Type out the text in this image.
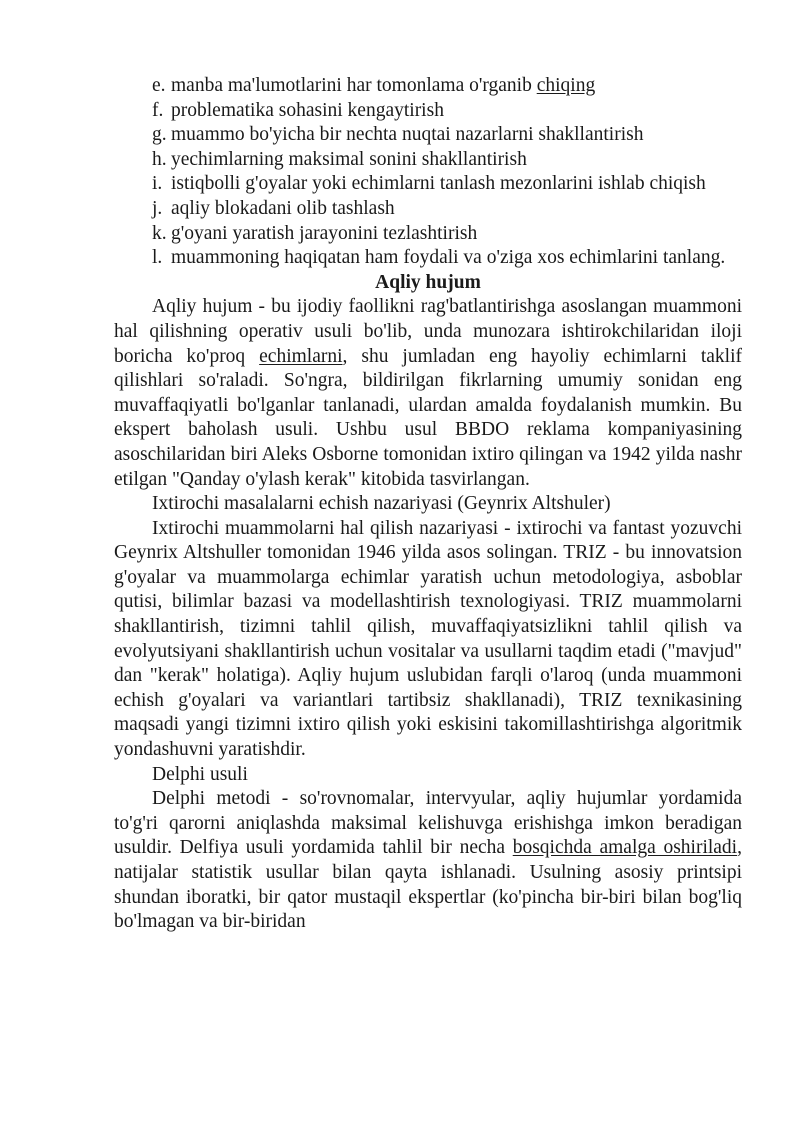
e. manba ma'lumotlarini har tomonlama o'rganib chiqing

f. problematika sohasini kengaytirish

g. muammo bo'yicha bir nechta nuqtai nazarlarni shakllantirish

h. yechimlarning maksimal sonini shakllantirish

i. istiqbolli g'oyalar yoki echimlarni tanlash mezonlarini ishlab chiqish

j. aqliy blokadani olib tashlash

k. g'oyani yaratish jarayonini tezlashtirish

l. muammoning haqiqatan ham foydali va o'ziga xos echimlarini tanlang.

Aqliy hujum

Aqliy hujum - bu ijodiy faollikni rag'batlantirishga asoslangan muammoni hal qilishning operativ usuli bo'lib, unda munozara ishtirokchilaridan iloji boricha ko'proq echimlarni, shu jumladan eng hayoliy echimlarni taklif qilishlari so'raladi. So'ngra, bildirilgan fikrlarning umumiy sonidan eng muvaffaqiyatli bo'lganlar tanlanadi, ulardan amalda foydalanish mumkin. Bu ekspert baholash usuli. Ushbu usul BBDO reklama kompaniyasining asoschilaridan biri Aleks Osborne tomonidan ixtiro qilingan va 1942 yilda nashr etilgan "Qanday o'ylash kerak" kitobida tasvirlangan.

Ixtirochi masalalarni echish nazariyasi (Geynrix Altshuler)

Ixtirochi muammolarni hal qilish nazariyasi - ixtirochi va fantast yozuvchi Geynrix Altshuller tomonidan 1946 yilda asos solingan. TRIZ - bu innovatsion g'oyalar va muammolarga echimlar yaratish uchun metodologiya, asboblar qutisi, bilimlar bazasi va modellashtirish texnologiyasi. TRIZ muammolarni shakllantirish, tizimni tahlil qilish, muvaffaqiyatsizlikni tahlil qilish va evolyutsiyani shakllantirish uchun vositalar va usullarni taqdim etadi ("mavjud" dan "kerak" holatiga). Aqliy hujum uslubidan farqli o'laroq (unda muammoni echish g'oyalari va variantlari tartibsiz shakllanadi), TRIZ texnikasining maqsadi yangi tizimni ixtiro qilish yoki eskisini takomillashtirishga algoritmik yondashuvni yaratishdir.

Delphi usuli

Delphi metodi - so'rovnomalar, intervyular, aqliy hujumlar yordamida to'g'ri qarorni aniqlashda maksimal kelishuvga erishishga imkon beradigan usuldir. Delfiya usuli yordamida tahlil bir necha bosqichda amalga oshiriladi, natijalar statistik usullar bilan qayta ishlanadi. Usulning asosiy printsipi shundan iboratki, bir qator mustaqil ekspertlar (ko'pincha bir-biri bilan bog'liq bo'lmagan va bir-biridan
